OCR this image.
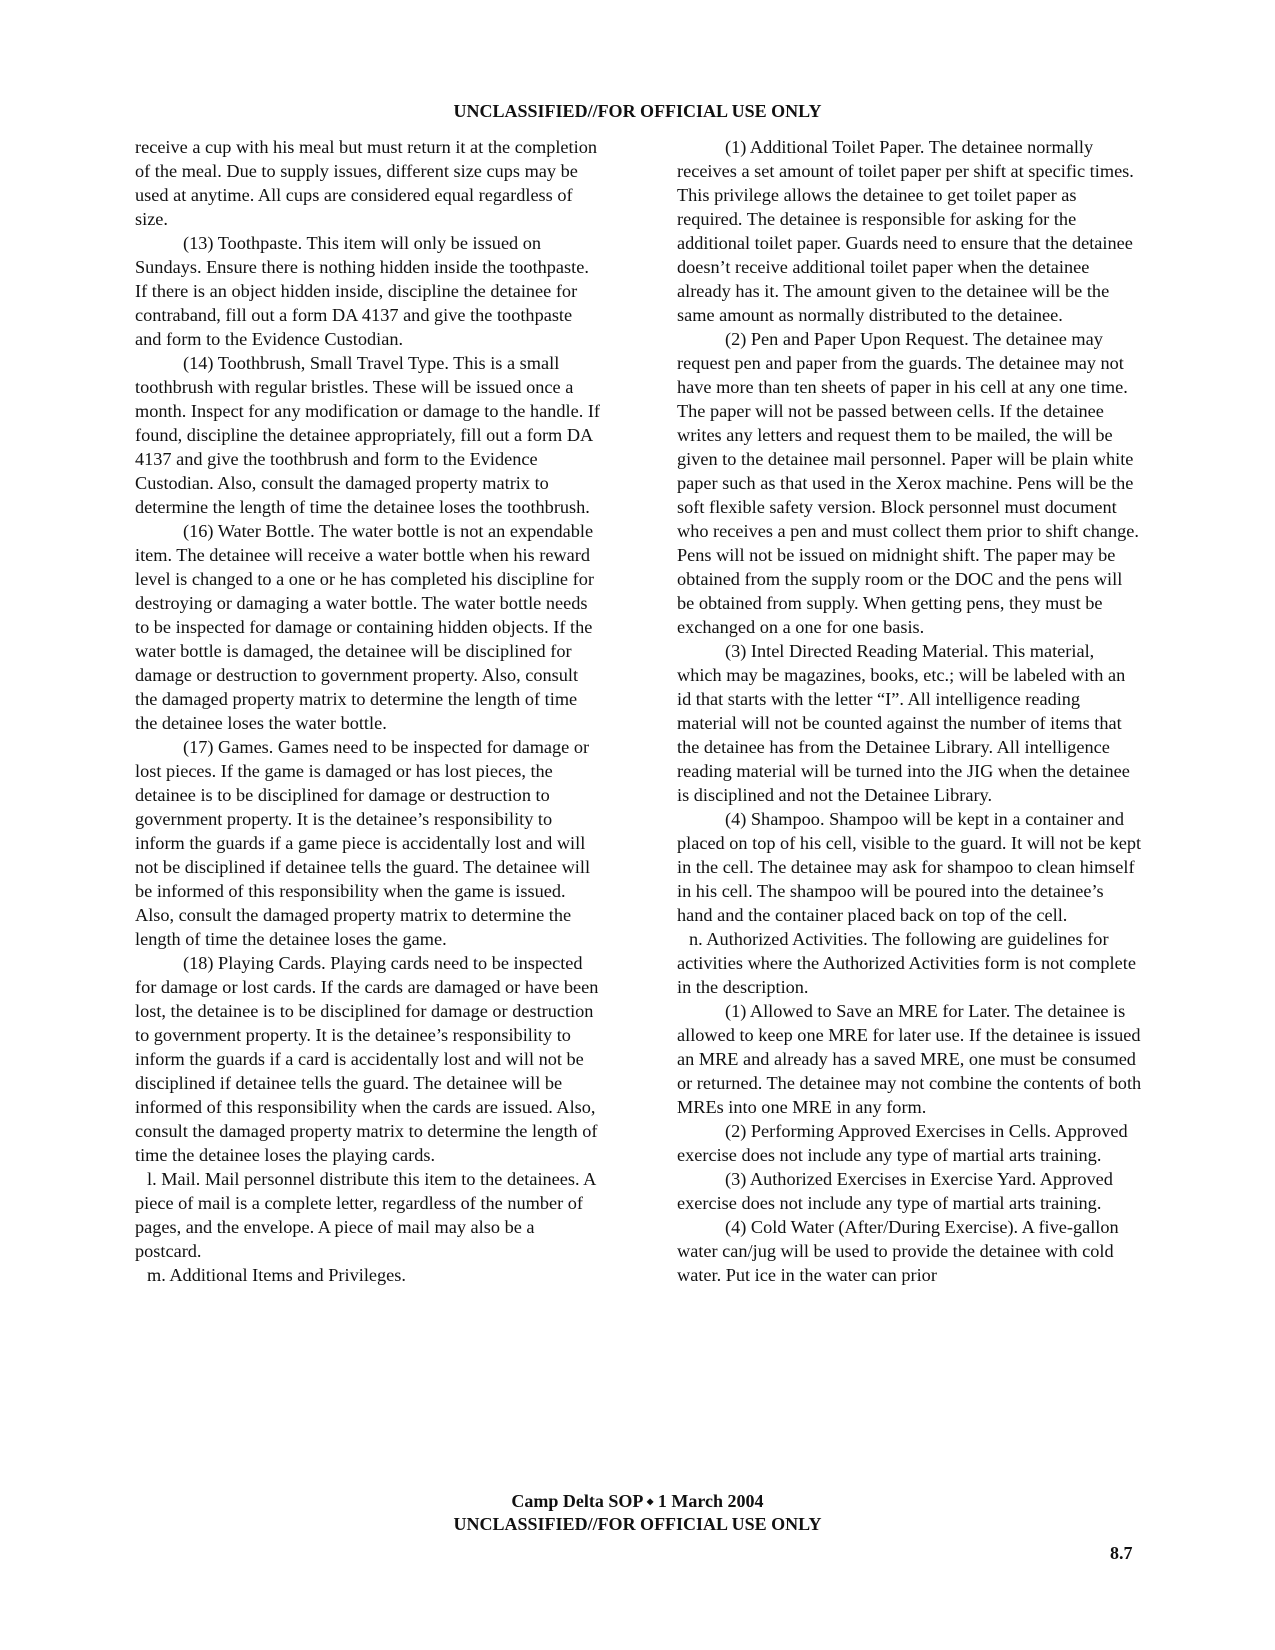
UNCLASSIFIED//FOR OFFICIAL USE ONLY

receive a cup with his meal but must return it at the completion of the meal. Due to supply issues, different size cups may be used at anytime. All cups are considered equal regardless of size.

(13) Toothpaste. This item will only be issued on Sundays. Ensure there is nothing hidden inside the toothpaste. If there is an object hidden inside, discipline the detainee for contraband, fill out a form DA 4137 and give the toothpaste and form to the Evidence Custodian.

(14) Toothbrush, Small Travel Type. This is a small toothbrush with regular bristles. These will be issued once a month. Inspect for any modification or damage to the handle. If found, discipline the detainee appropriately, fill out a form DA 4137 and give the toothbrush and form to the Evidence Custodian. Also, consult the damaged property matrix to determine the length of time the detainee loses the toothbrush.

(16) Water Bottle. The water bottle is not an expendable item. The detainee will receive a water bottle when his reward level is changed to a one or he has completed his discipline for destroying or damaging a water bottle. The water bottle needs to be inspected for damage or containing hidden objects. If the water bottle is damaged, the detainee will be disciplined for damage or destruction to government property. Also, consult the damaged property matrix to determine the length of time the detainee loses the water bottle.

(17) Games. Games need to be inspected for damage or lost pieces. If the game is damaged or has lost pieces, the detainee is to be disciplined for damage or destruction to government property. It is the detainee’s responsibility to inform the guards if a game piece is accidentally lost and will not be disciplined if detainee tells the guard. The detainee will be informed of this responsibility when the game is issued. Also, consult the damaged property matrix to determine the length of time the detainee loses the game.

(18) Playing Cards. Playing cards need to be inspected for damage or lost cards. If the cards are damaged or have been lost, the detainee is to be disciplined for damage or destruction to government property. It is the detainee’s responsibility to inform the guards if a card is accidentally lost and will not be disciplined if detainee tells the guard. The detainee will be informed of this responsibility when the cards are issued. Also, consult the damaged property matrix to determine the length of time the detainee loses the playing cards.

l. Mail. Mail personnel distribute this item to the detainees. A piece of mail is a complete letter, regardless of the number of pages, and the envelope. A piece of mail may also be a postcard.

m. Additional Items and Privileges.

(1) Additional Toilet Paper. The detainee normally receives a set amount of toilet paper per shift at specific times. This privilege allows the detainee to get toilet paper as required. The detainee is responsible for asking for the additional toilet paper. Guards need to ensure that the detainee doesn’t receive additional toilet paper when the detainee already has it. The amount given to the detainee will be the same amount as normally distributed to the detainee.

(2) Pen and Paper Upon Request. The detainee may request pen and paper from the guards. The detainee may not have more than ten sheets of paper in his cell at any one time. The paper will not be passed between cells. If the detainee writes any letters and request them to be mailed, the will be given to the detainee mail personnel. Paper will be plain white paper such as that used in the Xerox machine. Pens will be the soft flexible safety version. Block personnel must document who receives a pen and must collect them prior to shift change. Pens will not be issued on midnight shift. The paper may be obtained from the supply room or the DOC and the pens will be obtained from supply. When getting pens, they must be exchanged on a one for one basis.

(3) Intel Directed Reading Material. This material, which may be magazines, books, etc.; will be labeled with an id that starts with the letter “I”. All intelligence reading material will not be counted against the number of items that the detainee has from the Detainee Library. All intelligence reading material will be turned into the JIG when the detainee is disciplined and not the Detainee Library.

(4) Shampoo. Shampoo will be kept in a container and placed on top of his cell, visible to the guard. It will not be kept in the cell. The detainee may ask for shampoo to clean himself in his cell. The shampoo will be poured into the detainee’s hand and the container placed back on top of the cell.

n. Authorized Activities. The following are guidelines for activities where the Authorized Activities form is not complete in the description.

(1) Allowed to Save an MRE for Later. The detainee is allowed to keep one MRE for later use. If the detainee is issued an MRE and already has a saved MRE, one must be consumed or returned. The detainee may not combine the contents of both MREs into one MRE in any form.

(2) Performing Approved Exercises in Cells. Approved exercise does not include any type of martial arts training.

(3) Authorized Exercises in Exercise Yard. Approved exercise does not include any type of martial arts training.

(4) Cold Water (After/During Exercise). A five-gallon water can/jug will be used to provide the detainee with cold water. Put ice in the water can prior

Camp Delta SOP ⬩ 1 March 2004
UNCLASSIFIED//FOR OFFICIAL USE ONLY
8.7
